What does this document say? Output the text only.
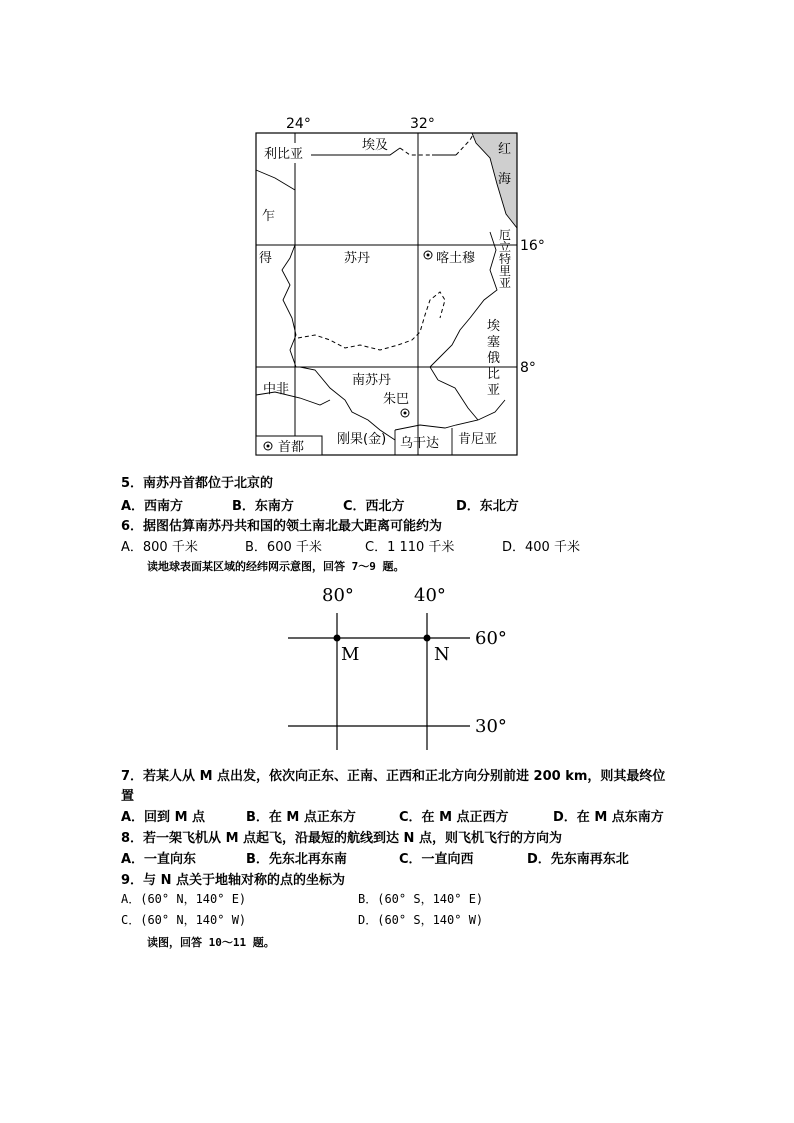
24°	32°
16°
8°
利比亚
埃及	红
海
乍
得	苏丹	喀土穆
厄
立
特
里
亚
埃
塞
俄
比
亚
中非
南苏丹
朱巴
刚果(金) 乌干达 肯尼亚
首都
5．南苏丹首都位于北京的
A．西南方	B．东南方	C．西北方	D．东北方
6．据图估算南苏丹共和国的领土南北最大距离可能约为
A．800 千米	B．600 千米	C．1 110 千米	D．400 千米
读地球表面某区域的经纬网示意图，回答 7～9 题。
80°	40°
60°
30°
M	N
7．若某人从 M 点出发，依次向正东、正南、正西和正北方向分别前进 200 km，则其最终位
置
A．回到 M 点	B．在 M 点正东方	C．在 M 点正西方	D．在 M 点东南方
8．若一架飞机从 M 点起飞，沿最短的航线到达 N 点，则飞机飞行的方向为
A．一直向东	B．先东北再东南	C．一直向西	D．先东南再东北
9．与 N 点关于地轴对称的点的坐标为
A．(60° N，140° E)	B．(60° S，140° E)
C．(60° N，140° W)	D．(60° S，140° W)
读图，回答 10～11 题。
